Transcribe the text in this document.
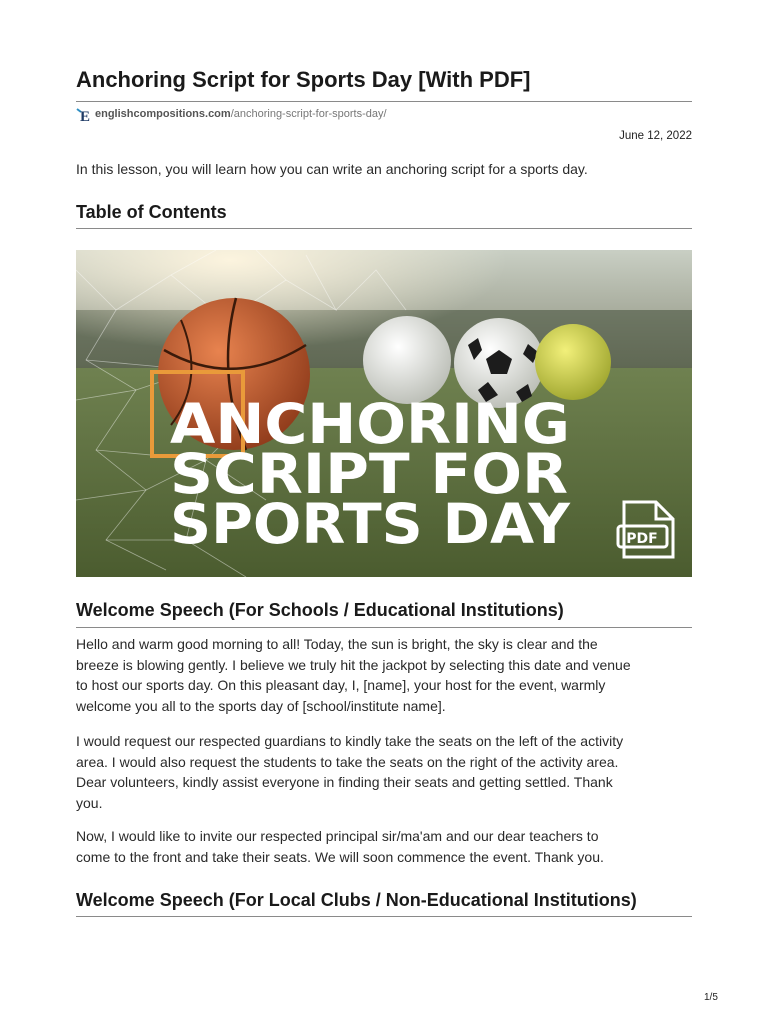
Anchoring Script for Sports Day [With PDF]
E englishcompositions.com /anchoring-script-for-sports-day/
June 12, 2022

In this lesson, you will learn how you can write an anchoring script for a sports day.

Table of Contents
ANCHORING
SCRIPT FOR
SPORTS DAY	PDF
Welcome Speech (For Schools / Educational Institutions)

Hello and warm good morning to all! Today, the sun is bright, the sky is clear and the
breeze is blowing gently. I believe we truly hit the jackpot by selecting this date and venue
to host our sports day. On this pleasant day, I, [name], your host for the event, warmly
welcome you all to the sports day of [school/institute name].

I would request our respected guardians to kindly take the seats on the left of the activity
area. I would also request the students to take the seats on the right of the activity area.
Dear volunteers, kindly assist everyone in finding their seats and getting settled. Thank
you.

Now, I would like to invite our respected principal sir/ma'am and our dear teachers to
come to the front and take their seats. We will soon commence the event. Thank you.

Welcome Speech (For Local Clubs / Non-Educational Institutions)
1/5
